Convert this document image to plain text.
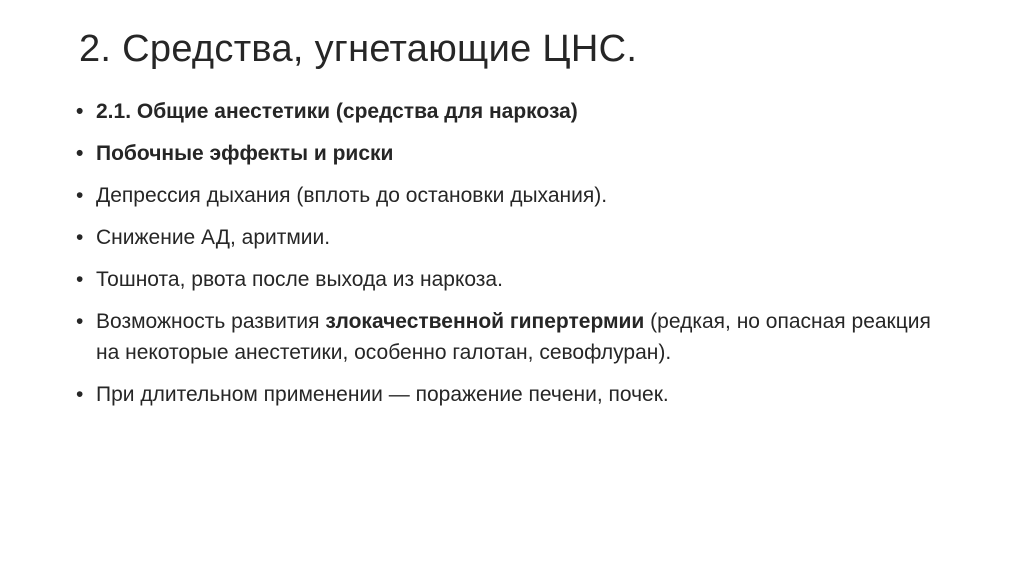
2. Средства, угнетающие ЦНС.
• 2.1. Общие анестетики (средства для наркоза)
• Побочные эффекты и риски
• Депрессия дыхания (вплоть до остановки дыхания).
• Снижение АД, аритмии.
• Тошнота, рвота после выхода из наркоза.
• Возможность развития злокачественной гипертермии (редкая, но опасная реакция на некоторые анестетики, особенно галотан, севофлуран).
• При длительном применении — поражение печени, почек.
